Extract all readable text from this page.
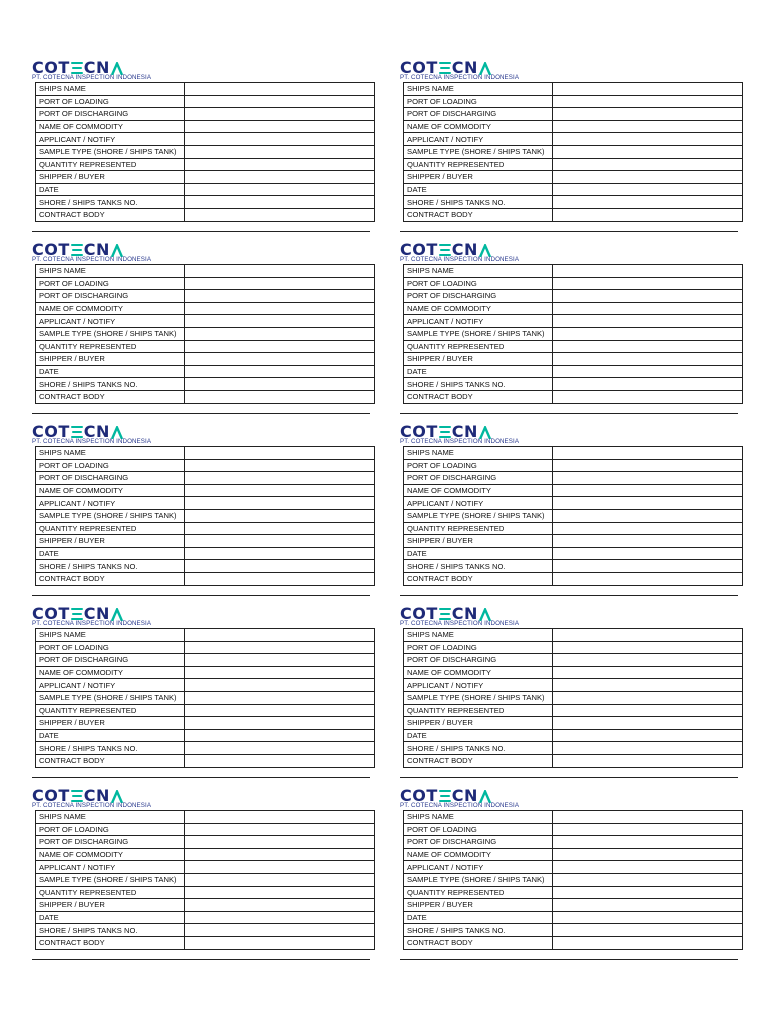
COT CN
PT. COTECNA INSPECTION INDONESIA
SHIPS NAME	
PORT OF LOADING	
PORT OF DISCHARGING	
NAME OF COMMODITY	
APPLICANT / NOTIFY	
SAMPLE TYPE (SHORE / SHIPS TANK)	
QUANTITY REPRESENTED	
SHIPPER / BUYER	
DATE	
SHORE / SHIPS TANKS NO.	
CONTRACT BODY	
COT CN
PT. COTECNA INSPECTION INDONESIA
SHIPS NAME	
PORT OF LOADING	
PORT OF DISCHARGING	
NAME OF COMMODITY	
APPLICANT / NOTIFY	
SAMPLE TYPE (SHORE / SHIPS TANK)	
QUANTITY REPRESENTED	
SHIPPER / BUYER	
DATE	
SHORE / SHIPS TANKS NO.	
CONTRACT BODY	
COT CN
PT. COTECNA INSPECTION INDONESIA
SHIPS NAME	
PORT OF LOADING	
PORT OF DISCHARGING	
NAME OF COMMODITY	
APPLICANT / NOTIFY	
SAMPLE TYPE (SHORE / SHIPS TANK)	
QUANTITY REPRESENTED	
SHIPPER / BUYER	
DATE	
SHORE / SHIPS TANKS NO.	
CONTRACT BODY	
COT CN
PT. COTECNA INSPECTION INDONESIA
SHIPS NAME	
PORT OF LOADING	
PORT OF DISCHARGING	
NAME OF COMMODITY	
APPLICANT / NOTIFY	
SAMPLE TYPE (SHORE / SHIPS TANK)	
QUANTITY REPRESENTED	
SHIPPER / BUYER	
DATE	
SHORE / SHIPS TANKS NO.	
CONTRACT BODY	
COT CN
PT. COTECNA INSPECTION INDONESIA
SHIPS NAME	
PORT OF LOADING	
PORT OF DISCHARGING	
NAME OF COMMODITY	
APPLICANT / NOTIFY	
SAMPLE TYPE (SHORE / SHIPS TANK)	
QUANTITY REPRESENTED	
SHIPPER / BUYER	
DATE	
SHORE / SHIPS TANKS NO.	
CONTRACT BODY	
COT CN
PT. COTECNA INSPECTION INDONESIA
SHIPS NAME	
PORT OF LOADING	
PORT OF DISCHARGING	
NAME OF COMMODITY	
APPLICANT / NOTIFY	
SAMPLE TYPE (SHORE / SHIPS TANK)	
QUANTITY REPRESENTED	
SHIPPER / BUYER	
DATE	
SHORE / SHIPS TANKS NO.	
CONTRACT BODY	
COT CN
PT. COTECNA INSPECTION INDONESIA
SHIPS NAME	
PORT OF LOADING	
PORT OF DISCHARGING	
NAME OF COMMODITY	
APPLICANT / NOTIFY	
SAMPLE TYPE (SHORE / SHIPS TANK)	
QUANTITY REPRESENTED	
SHIPPER / BUYER	
DATE	
SHORE / SHIPS TANKS NO.	
CONTRACT BODY	
COT CN
PT. COTECNA INSPECTION INDONESIA
SHIPS NAME	
PORT OF LOADING	
PORT OF DISCHARGING	
NAME OF COMMODITY	
APPLICANT / NOTIFY	
SAMPLE TYPE (SHORE / SHIPS TANK)	
QUANTITY REPRESENTED	
SHIPPER / BUYER	
DATE	
SHORE / SHIPS TANKS NO.	
CONTRACT BODY	
COT CN
PT. COTECNA INSPECTION INDONESIA
SHIPS NAME	
PORT OF LOADING	
PORT OF DISCHARGING	
NAME OF COMMODITY	
APPLICANT / NOTIFY	
SAMPLE TYPE (SHORE / SHIPS TANK)	
QUANTITY REPRESENTED	
SHIPPER / BUYER	
DATE	
SHORE / SHIPS TANKS NO.	
CONTRACT BODY	
COT CN
PT. COTECNA INSPECTION INDONESIA
SHIPS NAME	
PORT OF LOADING	
PORT OF DISCHARGING	
NAME OF COMMODITY	
APPLICANT / NOTIFY	
SAMPLE TYPE (SHORE / SHIPS TANK)	
QUANTITY REPRESENTED	
SHIPPER / BUYER	
DATE	
SHORE / SHIPS TANKS NO.	
CONTRACT BODY	
